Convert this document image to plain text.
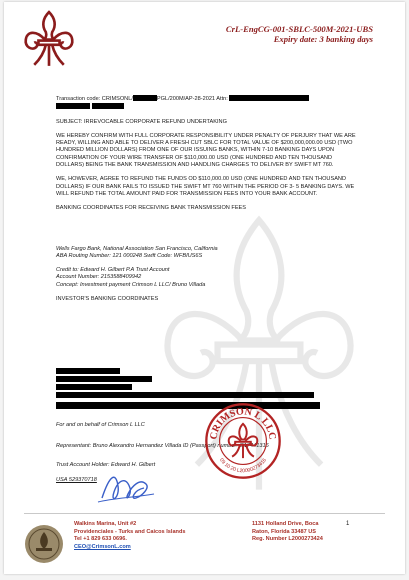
CrL-EngCG-001-SBLC-500M-2021-UBS
Expiry date: 3 banking days

Transaction code: CRIMSONL/	PGL/200M/AP-28-2021 Attn:

SUBJECT: IRREVOCABLE CORPORATE REFUND UNDERTAKING

WE HEREBY CONFIRM WITH FULL CORPORATE RESPONSIBILITY UNDER PENALTY OF PERJURY THAT WE ARE READY, WILLING AND ABLE TO DELIVER A FRESH CUT SBLC FOR TOTAL VALUE OF $200,000,000.00 USD (TWO HUNDRED MILLION DOLLARS) FROM ONE OF OUR ISSUING BANKS, WITHIN 7-10 BANKING DAYS UPON CONFIRMATION OF YOUR WIRE TRANSFER OF $110,000.00 USD (ONE HUNDRED AND TEN THOUSAND DOLLARS) BEING THE BANK TRANSMISSION AND HANDLING CHARGES TO DELIVER BY SWIFT MT 760.

WE, HOWEVER, AGREE TO REFUND THE FUNDS OD $110,000.00 USD (ONE HUNDRED AND TEN THOUSAND DOLLARS) IF OUR BANK FAILS TO ISSUED THE SWIFT MT 760 WITHIN THE PERIOD OF 3- 5 BANKING DAYS. WE WILL REFUND THE TOTAL AMOUNT PAID FOR TRANSMISSION FEES INTO YOUR BANK ACCOUNT.

BANKING COORDINATES FOR RECEIVING BANK TRANSMISSION FEES

Wells Fargo Bank, National Association San Francisco, California

ABA Routing Number: 121 000248 Swift Code: WFBIUS6S

Credit to: Edward H. Gilbert P.A Trust Account

Account Number: 2153588409942

Concept: Investment payment Crimson L LLC/ Bruno Villada

INVESTOR'S BANKING COORDINATES

For and on behalf of Crimson L LLC
Representant: Bruno Alexandro Hernandez Villada ID (Passport) number: G17441316
Trust Account Holder: Edward H. Gilbert
USA 529370718
CRIMSON L LLC
09 10 20 L20000273416
Walkins Marina, Unit #2
Providenciales - Turks and Caicos Islands
Tel +1 829 633 0696.
CEO@CrimsonL.com
1131 Holland Drive, Boca
Raton, Florida 33487 US
Reg. Number L2000273424
1
